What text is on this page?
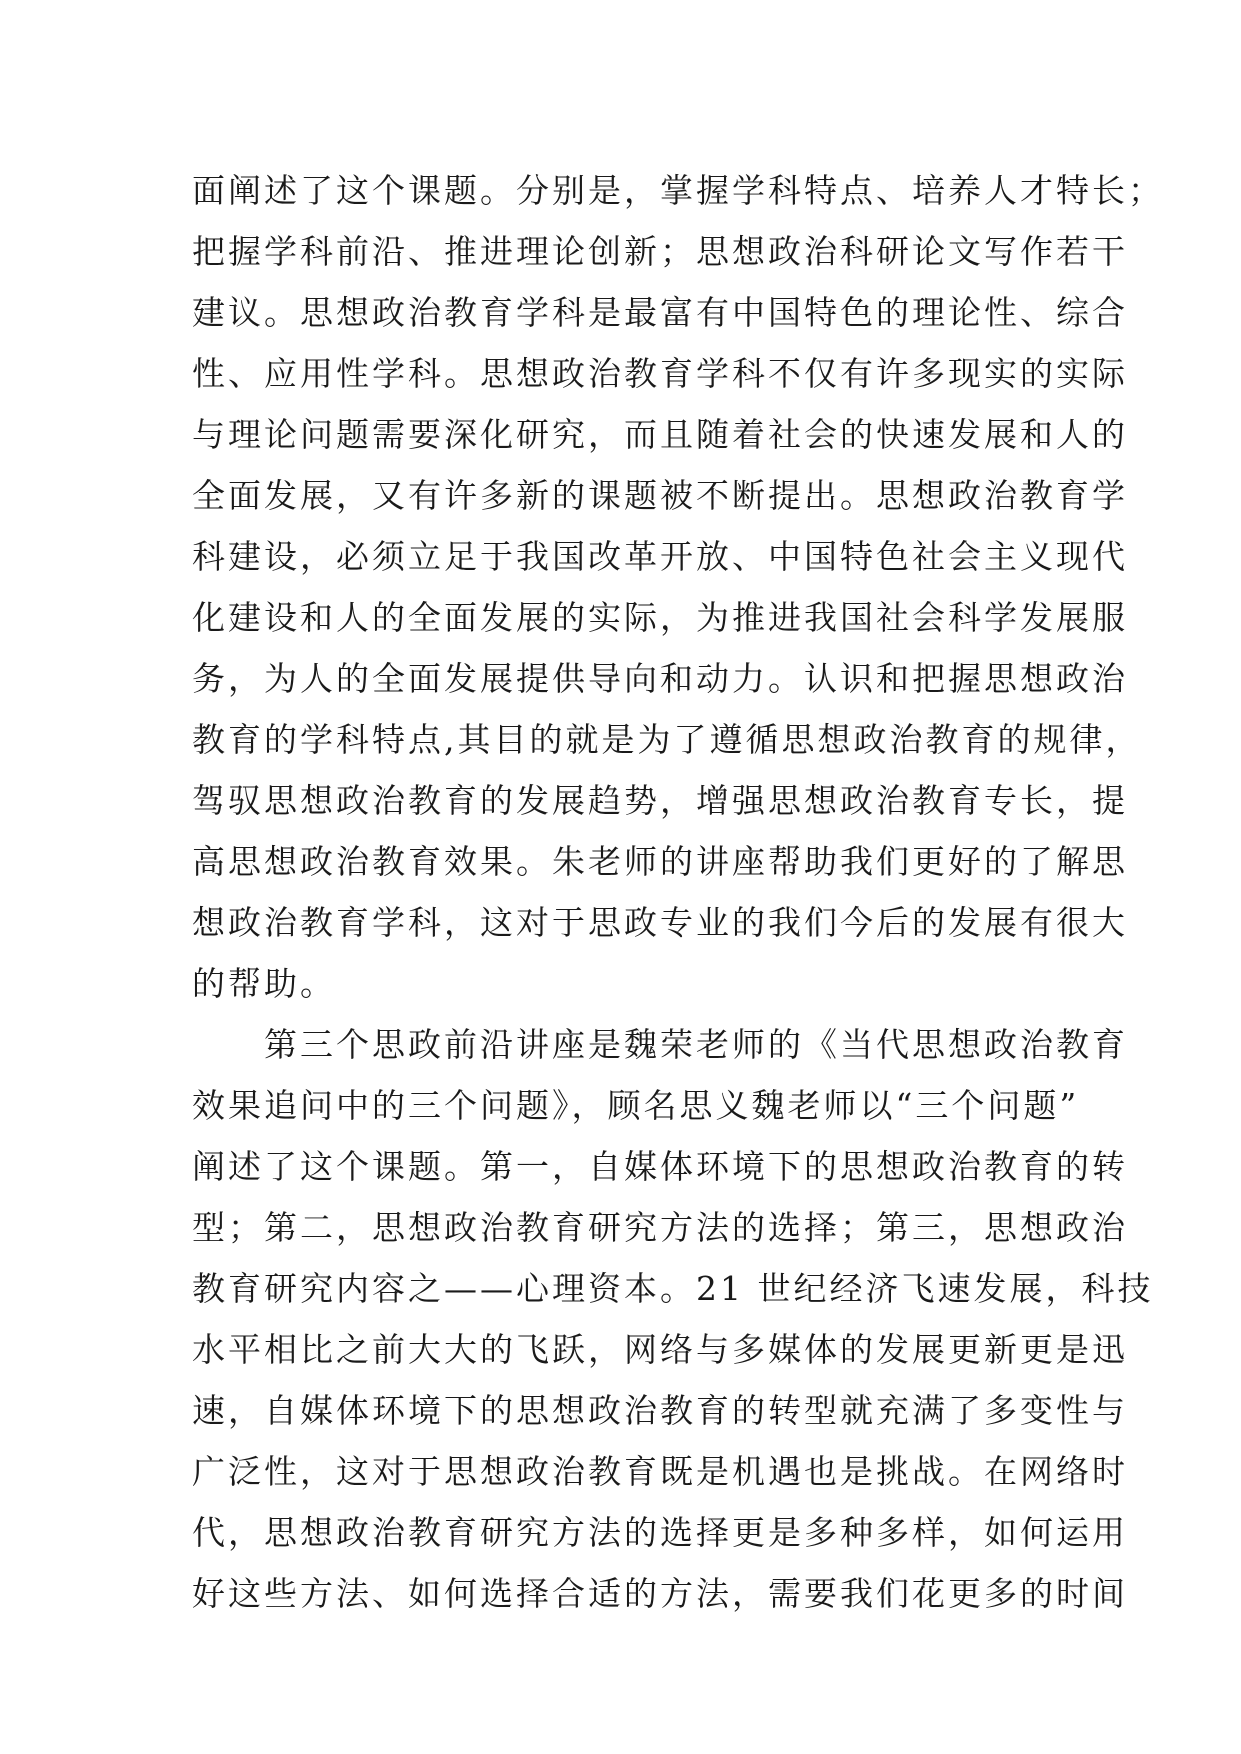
面阐述了这个课题。分别是，掌握学科特点、培养人才特长；
把握学科前沿、推进理论创新；思想政治科研论文写作若干
建议。思想政治教育学科是最富有中国特色的理论性、综合
性、应用性学科。思想政治教育学科不仅有许多现实的实际
与理论问题需要深化研究，而且随着社会的快速发展和人的
全面发展，又有许多新的课题被不断提出。思想政治教育学
科建设，必须立足于我国改革开放、中国特色社会主义现代
化建设和人的全面发展的实际，为推进我国社会科学发展服
务，为人的全面发展提供导向和动力。认识和把握思想政治
教育的学科特点,其目的就是为了遵循思想政治教育的规律，
驾驭思想政治教育的发展趋势，增强思想政治教育专长，提
高思想政治教育效果。朱老师的讲座帮助我们更好的了解思
想政治教育学科，这对于思政专业的我们今后的发展有很大
的帮助。
　　第三个思政前沿讲座是魏荣老师的《当代思想政治教育
效果追问中的三个问题》，顾名思义魏老师以“三个问题”
阐述了这个课题。第一，自媒体环境下的思想政治教育的转
型；第二，思想政治教育研究方法的选择；第三，思想政治
教育研究内容之——心理资本。21 世纪经济飞速发展，科技
水平相比之前大大的飞跃，网络与多媒体的发展更新更是迅
速，自媒体环境下的思想政治教育的转型就充满了多变性与
广泛性，这对于思想政治教育既是机遇也是挑战。在网络时
代，思想政治教育研究方法的选择更是多种多样，如何运用
好这些方法、如何选择合适的方法，需要我们花更多的时间
